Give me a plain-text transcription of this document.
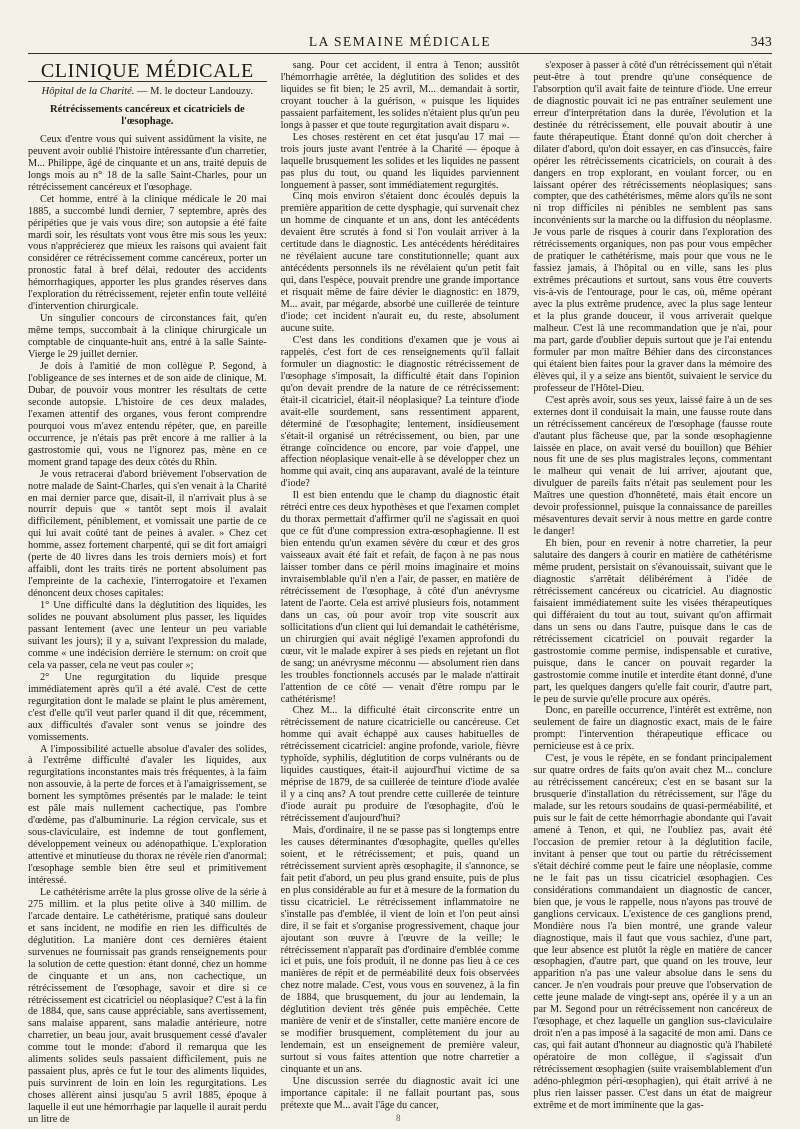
LA SEMAINE MÉDICALE	343
CLINIQUE MÉDICALE
Hôpital de la Charité. — M. le docteur Landouzy.
Rétrécissements cancéreux et cicatriciels de l'œsophage.

Ceux d'entre vous qui suivent assidûment la visite, ne peuvent avoir oublié l'histoire intéressante d'un charretier, M... Philippe, âgé de cinquante et un ans, traité depuis de longs mois au n° 18 de la salle Saint-Charles, pour un rétrécissement cancéreux et l'œsophage.

Cet homme, entré à la clinique médicale le 20 mai 1885, a succombé lundi dernier, 7 septembre, après des péripéties que je vais vous dire; son autopsie a été faite mardi soir, les résultats vont vous être mis sous les yeux: vous n'apprécierez que mieux les raisons qui avaient fait considérer ce rétrécissement comme cancéreux, porter un pronostic fatal à bref délai, redouter des accidents hémorrhagiques, apporter les plus grandes réserves dans l'exploration du rétrécissement, rejeter enfin toute velléité d'intervention chirurgicale.

Un singulier concours de circonstances fait, qu'en même temps, succombait à la clinique chirurgicale un comptable de cinquante-huit ans, entré à la salle Sainte-Vierge le 29 juillet dernier.

Je dois à l'amitié de mon collègue P. Segond, à l'obligeance de ses internes et de son aide de clinique, M. Dubar, de pouvoir vous montrer les résultats de cette seconde autopsie. L'histoire de ces deux malades, l'examen attentif des organes, vous feront comprendre pourquoi vous m'avez entendu répéter, que, en pareille occurrence, je n'étais pas prêt encore à me rallier à la gastrostomie qui, vous ne l'ignorez pas, mène en ce moment grand tapage des deux côtés du Rhin.

Je vous retracerai d'abord brièvement l'observation de notre malade de Saint-Charles, qui s'en venait à la Charité en mai dernier parce que, disait-il, il n'arrivait plus à se nourrir depuis que « tantôt sept mois il avalait difficilement, péniblement, et vomissait une partie de ce qui lui avait coûté tant de peines à avaler. » Chez cet homme, assez fortement charpenté, qui se dit fort amaigri (perte de 40 livres dans les trois derniers mois) et fort affaibli, dont les traits tirés ne portent absolument pas l'empreinte de la cachexie, l'interrogatoire et l'examen dénoncent deux choses capitales:

1° Une difficulté dans la déglutition des liquides, les solides ne pouvant absolument plus passer, les liquides passant lentement (avec une lenteur un peu variable suivant les jours); il y a, suivant l'expression du malade, comme « une indécision derrière le sternum: on croit que cela va passer, cela ne veut pas couler »;

2° Une regurgitation du liquide presque immédiatement après qu'il a été avalé. C'est de cette regurgitation dont le malade se plaint le plus amèrement, c'est d'elle qu'il veut parler quand il dit que, récemment, aux difficultés d'avaler sont venus se joindre des vomissements.

A l'impossibilité actuelle absolue d'avaler des solides, à l'extrême difficulté d'avaler les liquides, aux regurgitations inconstantes mais très fréquentes, à la faim non assouvie, à la perte de forces et à l'amaigrissement, se bornent les symptômes présentés par le malade: le teint est pâle mais nullement cachectique, pas l'ombre d'œdème, pas d'albuminurie. La région cervicale, sus et sous-claviculaire, est indemne de tout gonflement, développement veineux ou adénopathique. L'exploration attentive et minutieuse du thorax ne révèle rien d'anormal: l'œsophage semble bien être seul et primitivement intéressé.

Le cathétérisme arrête la plus grosse olive de la série à 275 millim. et la plus petite olive à 340 millim. de l'arcade dentaire. Le cathétérisme, pratiqué sans douleur et sans incident, ne modifie en rien les difficultés de déglutition. La manière dont ces dernières étaient survenues ne fournissait pas grands renseignements pour la solution de cette question: étant donné, chez un homme de cinquante et un ans, non cachectique, un rétrécissement de l'œsophage, savoir et dire si ce rétrécissement est cicatriciel ou néoplasique? C'est à la fin de 1884, que, sans cause appréciable, sans avertissement, sans malaise apparent, sans maladie antérieure, notre charretier, un beau jour, avait brusquement cessé d'avaler comme tout le monde: d'abord il remarqua que les aliments solides seuls passaient difficilement, puis ne passaient plus, après ce fut le tour des aliments liquides, puis survinrent de loin en loin les regurgitations. Les choses allèrent ainsi jusqu'au 5 avril 1885, époque à laquelle il eut une hémorrhagie par laquelle il aurait perdu un litre de

sang. Pour cet accident, il entra à Tenon; aussitôt l'hémorrhagie arrêtée, la déglutition des solides et des liquides se fit bien; le 25 avril, M... demandait à sortir, croyant toucher à la guérison, « puisque les liquides passaient parfaitement, les solides n'étaient plus qu'un peu longs à passer et que toute regurgitation avait disparu ».

Les choses restèrent en cet état jusqu'au 17 mai — trois jours juste avant l'entrée à la Charité — époque à laquelle brusquement les solides et les liquides ne passent pas plus du tout, ou quand les liquides parviennent longuement à passer, sont immédiatement regurgités.

Cinq mois environ s'étaient donc écoulés depuis la première apparition de cette dysphagie, qui survenait chez un homme de cinquante et un ans, dont les antécédents devaient être scrutés à fond si l'on voulait arriver à la certitude dans le diagnostic. Les antécédents héréditaires ne révélaient aucune tare constitutionnelle; quant aux antécédents personnels ils ne révélaient qu'un petit fait qui, dans l'espèce, pouvait prendre une grande importance et risquait même de faire dévier le diagnostic: en 1879, M... avait, par mégarde, absorbé une cuillerée de teinture d'iode; cet incident n'aurait eu, du reste, absolument aucune suite.

C'est dans les conditions d'examen que je vous ai rappelés, c'est fort de ces renseignements qu'il fallait formuler un diagnostic: le diagnostic rétrécissement de l'œsophage s'imposait, la difficulté était dans l'opinion qu'on devait prendre de la nature de ce rétrécissement: était-il cicatriciel, était-il néoplasique? La teinture d'iode avait-elle sourdement, sans ressentiment apparent, déterminé de l'œsophagite; lentement, insidieusement s'était-il organisé un rétrécissement, ou bien, par une étrange coïncidence ou encore, par voie d'appel, une affection néoplasique venait-elle à se développer chez un homme qui avait, cinq ans auparavant, avalé de la teinture d'iode?

Il est bien entendu que le champ du diagnostic était rétréci entre ces deux hypothèses et que l'examen complet du thorax permettait d'affirmer qu'il ne s'agissait en quoi que ce fût d'une compression extra-œsophagienne. Il est bien entendu qu'un examen sévère du cœur et des gros vaisseaux avait été fait et refait, de façon à ne pas nous laisser tomber dans ce péril moins imaginaire et moins invraisemblable qu'il n'en a l'air, de passer, en matière de rétrécissement de l'œsophage, à côté d'un anévrysme latent de l'aorte. Cela est arrivé plusieurs fois, notamment dans un cas, où pour avoir trop vite souscrit aux sollicitations d'un client qui lui demandait le cathétérisme, un chirurgien qui avait négligé l'examen approfondi du cœur, vit le malade expirer à ses pieds en rejetant un flot de sang; un anévrysme méconnu — absolument rien dans les troubles fonctionnels accusés par le malade n'attirait l'attention de ce côté — venait d'être rompu par le cathétérisme!

Chez M... la difficulté était circonscrite entre un rétrécissement de nature cicatricielle ou cancéreuse. Cet homme qui avait échappé aux causes habituelles de rétrécissement cicatriciel: angine profonde, variole, fièvre typhoïde, syphilis, déglutition de corps vulnérants ou de liquides caustiques, était-il aujourd'hui victime de sa méprise de 1879, de sa cuillerée de teinture d'iode avalée il y a cinq ans? A tout prendre cette cuillerée de teinture d'iode aurait pu produire de l'œsophagite, d'où le rétrécissement d'aujourd'hui?

Mais, d'ordinaire, il ne se passe pas si longtemps entre les causes déterminantes d'œsophagite, quelles qu'elles soient, et le rétrécissement; et puis, quand un rétrécissement survient après œsophagite, il s'annonce, se fait petit d'abord, un peu plus grand ensuite, puis de plus en plus considérable au fur et à mesure de la formation du tissu cicatriciel. Le rétrécissement inflammatoire ne s'installe pas d'emblée, il vient de loin et l'on peut ainsi dire, il se fait et s'organise progressivement, chaque jour ajoutant son œuvre à l'œuvre de la veille; le rétrécissement n'apparaît pas d'ordinaire d'emblée comme ici et puis, une fois produit, il ne donne pas lieu à ce ces manières de répit et de perméabilité deux fois observées chez notre malade. C'est, vous vous en souvenez, à la fin de 1884, que brusquement, du jour au lendemain, la déglutition devient très gênée puis empêchée. Cette manière de venir et de s'installer, cette manière encore de se modifier brusquement, complètement du jour au lendemain, est un enseignement de première valeur, surtout si vous faites attention que notre charretier a cinquante et un ans.

Une discussion serrée du diagnostic avait ici une importance capitale: il ne fallait pourtant pas, sous prétexte que M... avait l'âge du cancer,

s'exposer à passer à côté d'un rétrécissement qui n'était peut-être à tout prendre qu'une conséquence de l'absorption qu'il avait faite de teinture d'iode. Une erreur de diagnostic pouvait ici ne pas entraîner seulement une erreur d'interprétation dans la durée, l'évolution et la destinée du rétrécissement, elle pouvait aboutir à une faute thérapeutique. Étant donné qu'on doit chercher à dilater d'abord, qu'on doit essayer, en cas d'insuccès, faire opérer les rétrécissements cicatriciels, on courait à des dangers en trop explorant, en voulant forcer, ou en laissant opérer des rétrécissements néoplasiques; sans compter, que des cathétérismes, même alors qu'ils ne sont ni trop difficiles ni pénibles ne semblent pas sans inconvénients sur la marche ou la diffusion du néoplasme. Je vous parle de risques à courir dans l'exploration des rétrécissements organiques, non pas pour vous empêcher de pratiquer le cathétérisme, mais pour que vous ne le fassiez jamais, à l'hôpital ou en ville, sans les plus extrêmes précautions et surtout, sans vous être couverts vis-à-vis de l'entourage, pour le cas, où, même opérant avec la plus extrême prudence, avec la plus sage lenteur et la plus grande douceur, il vous arriverait quelque malheur. C'est là une recommandation que je n'ai, pour ma part, garde d'oublier depuis surtout que je l'ai entendu formuler par mon maître Béhier dans des circonstances qui étaient bien faites pour la graver dans la mémoire des élèves qui, il y a seize ans bientôt, suivaient le service du professeur de l'Hôtel-Dieu.

C'est après avoir, sous ses yeux, laissé faire à un de ses externes dont il conduisait la main, une fausse route dans un rétrécissement cancéreux de l'œsophage (fausse route d'autant plus fâcheuse que, par la sonde œsophagienne laissée en place, on avait versé du bouillon) que Béhier nous fit une de ses plus magistrales leçons, commentant le malheur qui venait de lui arriver, ajoutant que, divulguer de pareils faits n'était pas seulement pour les Maîtres une question d'honnêteté, mais était encore un devoir professionnel, puisque la connaissance de pareilles mésaventures devait servir à nous mettre en garde contre le danger!

Eh bien, pour en revenir à notre charretier, la peur salutaire des dangers à courir en matière de cathétérisme même prudent, persistait on s'évanouissait, suivant que le diagnostic s'arrêtait délibérément à l'idée de rétrécissement cancéreux ou cicatriciel. Au diagnostic faisaient immédiatement suite les visées thérapeutiques qui différaient du tout au tout, suivant qu'on affirmait dans un sens ou dans l'autre, puisque dans le cas de rétrécissement cicatriciel on pouvait regarder la gastrostomie comme permise, indispensable et curative, puisque, dans le cancer on pouvait regarder la gastrostomie comme inutile et interdite étant donné, d'une part, les quelques dangers qu'elle fait courir, d'autre part, le peu de survie qu'elle procure aux opérés.

Donc, en pareille occurrence, l'intérêt est extrême, non seulement de faire un diagnostic exact, mais de le faire prompt: l'intervention thérapeutique efficace ou pernicieuse est à ce prix.

C'est, je vous le répète, en se fondant principalement sur quatre ordres de faits qu'on avait chez M... conclure au rétrécissement cancéreux; c'est en se basant sur la brusquerie d'installation du rétrécissement, sur l'âge du malade, sur les retours soudains de quasi-perméabilité, et puis sur le fait de cette hémorrhagie abondante qui l'avait amené à Tenon, et qui, ne l'oubliez pas, avait été l'occasion de premier retour à la déglutition facile, invitant à penser que tout ou partie du rétrécissement s'était déchiré comme peut le faire une néoplasie, comme ne le fait pas un tissu cicatriciel œsophagien. Ces considérations commandaient un diagnostic de cancer, bien que, je vous le rappelle, nous n'ayons pas trouvé de ganglions cervicaux. L'existence de ces ganglions prend, Mondière nous l'a bien montré, une grande valeur diagnostique, mais il faut que vous sachiez, d'une part, que leur absence est plutôt la règle en matière de cancer œsophagien, d'autre part, que quand on les trouve, leur apparition n'a pas une valeur absolue dans le sens du cancer. Je n'en voudrais pour preuve que l'observation de cette jeune malade de vingt-sept ans, opérée il y a un an par M. Segond pour un rétrécissement non cancéreux de l'œsophage, et chez laquelle un ganglion sus-claviculaire droit n'en a pas imposé à la sagacité de mon ami. Dans ce cas, qui fait autant d'honneur au diagnostic qu'à l'habileté opératoire de mon collègue, il s'agissait d'un rétrécissement œsophagien (suite vraisemblablement d'un adéno-phlegmon péri-œsophagien), qui était arrivé à ne plus rien laisser passer. C'est dans un état de maigreur extrême et de mort imminente que la gas-

8
